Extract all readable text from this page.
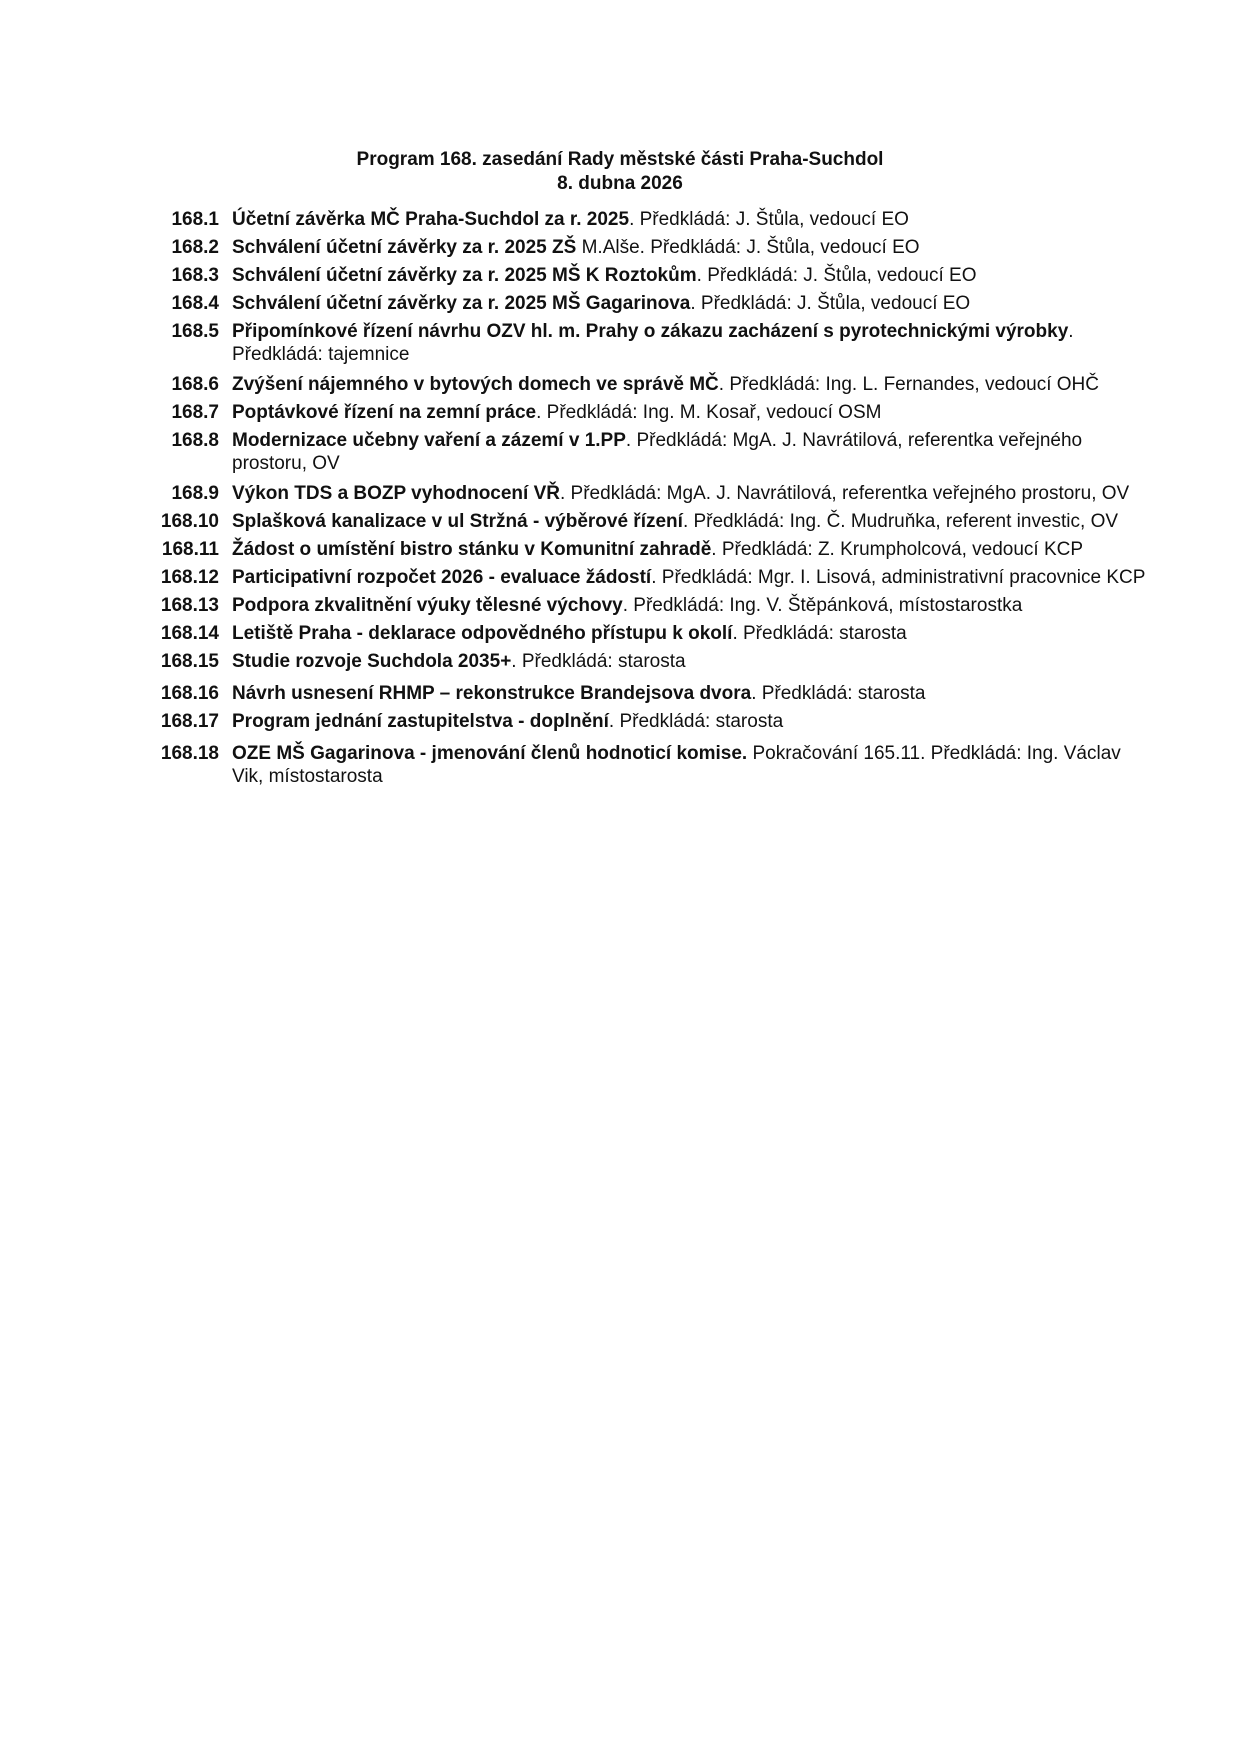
Program 168. zasedání Rady městské části Praha-Suchdol
8. dubna 2026
168.1 Účetní závěrka MČ Praha-Suchdol za r. 2025. Předkládá: J. Štůla, vedoucí EO
168.2 Schválení účetní závěrky za r. 2025 ZŠ M.Alše. Předkládá: J. Štůla, vedoucí EO
168.3 Schválení účetní závěrky za r. 2025 MŠ K Roztokům. Předkládá: J. Štůla, vedoucí EO
168.4 Schválení účetní závěrky za r. 2025 MŠ Gagarinova. Předkládá: J. Štůla, vedoucí EO
168.5 Připomínkové řízení návrhu OZV hl. m. Prahy o zákazu zacházení s pyrotechnickými výrobky. Předkládá: tajemnice
168.6 Zvýšení nájemného v bytových domech ve správě MČ. Předkládá: Ing. L. Fernandes, vedoucí OHČ
168.7 Poptávkové řízení na zemní práce. Předkládá: Ing. M. Kosař, vedoucí OSM
168.8 Modernizace učebny vaření a zázemí v 1.PP. Předkládá: MgA. J. Navrátilová, referentka veřejného prostoru, OV
168.9 Výkon TDS a BOZP vyhodnocení VŘ. Předkládá: MgA. J. Navrátilová, referentka veřejného prostoru, OV
168.10 Splašková kanalizace v ul Stržná - výběrové řízení. Předkládá: Ing. Č. Mudruňka, referent investic, OV
168.11 Žádost o umístění bistro stánku v Komunitní zahradě. Předkládá: Z. Krumpholcová, vedoucí KCP
168.12 Participativní rozpočet 2026 - evaluace žádostí. Předkládá: Mgr. I. Lisová, administrativní pracovnice KCP
168.13 Podpora zkvalitnění výuky tělesné výchovy. Předkládá: Ing. V. Štěpánková, místostarostka
168.14 Letiště Praha - deklarace odpovědného přístupu k okolí. Předkládá: starosta
168.15 Studie rozvoje Suchdola 2035+. Předkládá: starosta
168.16 Návrh usnesení RHMP – rekonstrukce Brandejsova dvora. Předkládá: starosta
168.17 Program jednání zastupitelstva - doplnění. Předkládá: starosta
168.18 OZE MŠ Gagarinova - jmenování členů hodnoticí komise. Pokračování 165.11. Předkládá: Ing. Václav Vik, místostarosta
